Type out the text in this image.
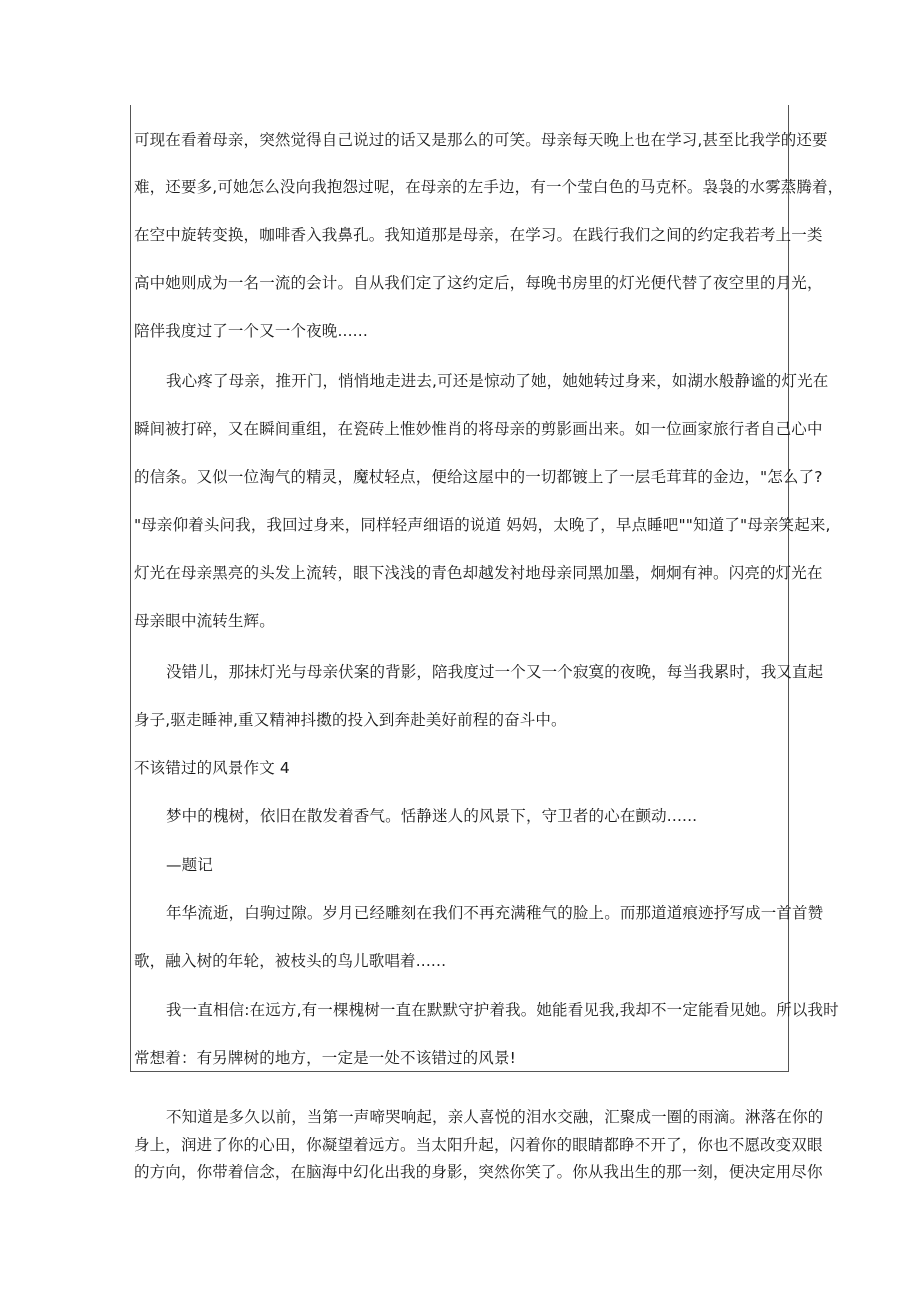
可现在看着母亲，突然觉得自己说过的话又是那么的可笑。母亲每天晚上也在学习,甚至比我学的还要
难，还要多,可她怎么没向我抱怨过呢，在母亲的左手边，有一个莹白色的马克杯。袅袅的水雾蒸腾着，
在空中旋转变换，咖啡香入我鼻孔。我知道那是母亲，在学习。在践行我们之间的约定我若考上一类
高中她则成为一名一流的会计。自从我们定了这约定后，每晚书房里的灯光便代替了夜空里的月光，
陪伴我度过了一个又一个夜晚......
我心疼了母亲，推开门，悄悄地走进去,可还是惊动了她，她她转过身来，如湖水般静谧的灯光在
瞬间被打碎，又在瞬间重组，在瓷砖上惟妙惟肖的将母亲的剪影画出来。如一位画家旅行者自己心中
的信条。又似一位淘气的精灵，魔杖轻点，便给这屋中的一切都镀上了一层毛茸茸的金边，"怎么了?
"母亲仰着头问我，我回过身来，同样轻声细语的说道 妈妈，太晚了，早点睡吧""知道了"母亲笑起来,
灯光在母亲黑亮的头发上流转，眼下浅浅的青色却越发衬地母亲同黑加墨，炯炯有神。闪亮的灯光在
母亲眼中流转生辉。
没错儿，那抹灯光与母亲伏案的背影，陪我度过一个又一个寂寞的夜晚，每当我累时，我又直起
身子,驱走睡神,重又精神抖擞的投入到奔赴美好前程的奋斗中。
不该错过的风景作文 4
梦中的槐树，依旧在散发着香气。恬静迷人的风景下，守卫者的心在颤动......
—题记
年华流逝，白驹过隙。岁月已经雕刻在我们不再充满稚气的脸上。而那道道痕迹抒写成一首首赞
歌，融入树的年轮，被枝头的鸟儿歌唱着......
我一直相信:在远方,有一棵槐树一直在默默守护着我。她能看见我,我却不一定能看见她。所以我时
常想着：有另牌树的地方，一定是一处不该错过的风景!
不知道是多久以前，当第一声啼哭响起，亲人喜悦的泪水交融，汇聚成一圈的雨滴。淋落在你的
身上，润进了你的心田，你凝望着远方。当太阳升起，闪着你的眼睛都睁不开了，你也不愿改变双眼
的方向，你带着信念，在脑海中幻化出我的身影，突然你笑了。你从我出生的那一刻，便决定用尽你
